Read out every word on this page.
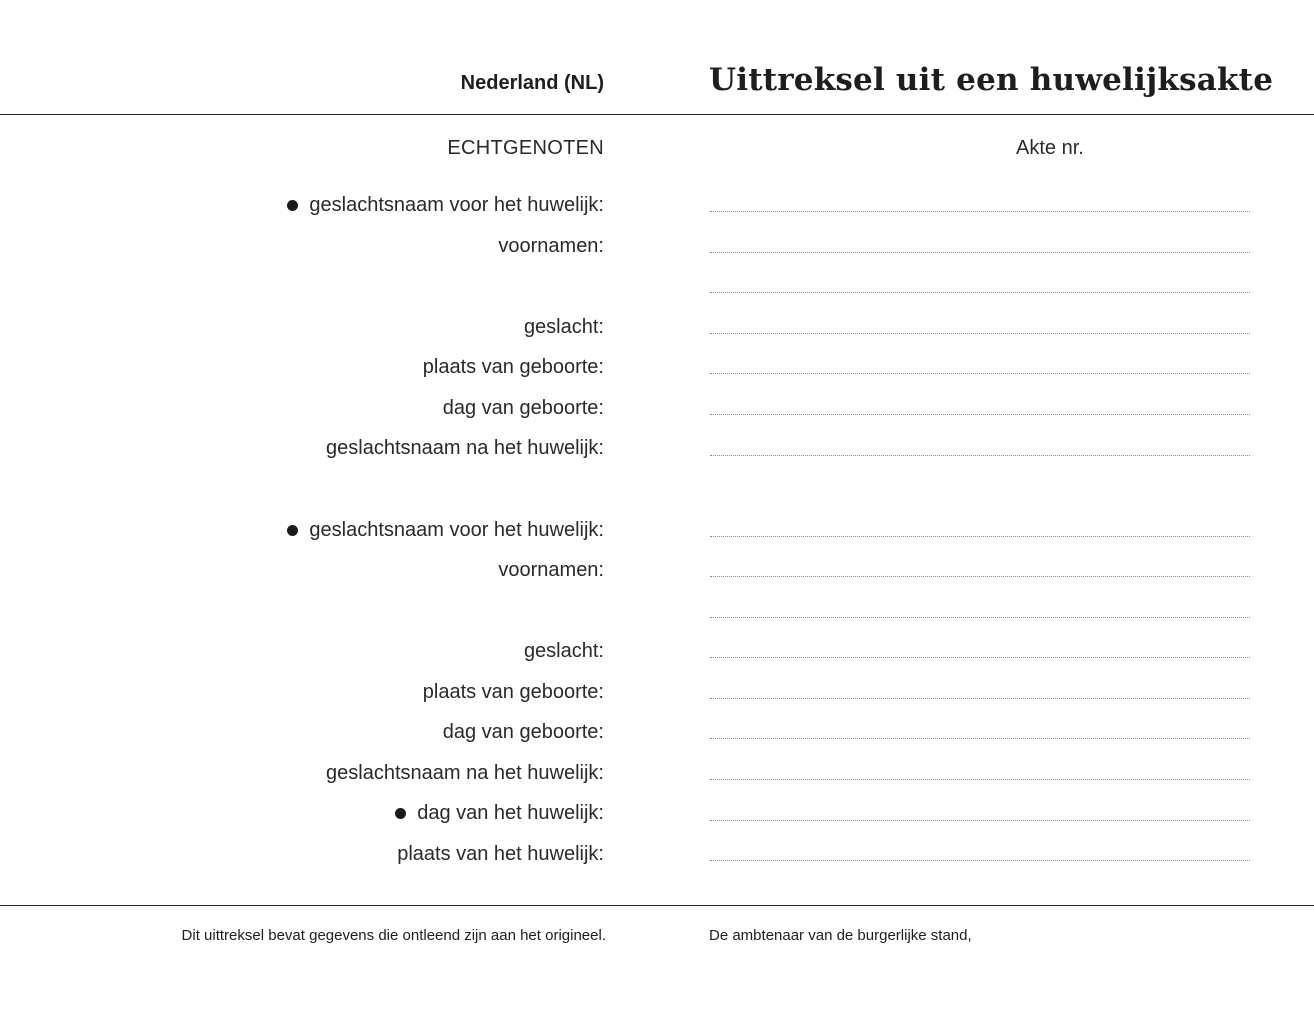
Nederland (NL)	Uittreksel uit een huwelijksakte
ECHTGENOTEN	Akte nr.
geslachtsnaam voor het huwelijk:
voornamen:
geslacht:
plaats van geboorte:
dag van geboorte:
geslachtsnaam na het huwelijk:
geslachtsnaam voor het huwelijk:
voornamen:
geslacht:
plaats van geboorte:
dag van geboorte:
geslachtsnaam na het huwelijk:
dag van het huwelijk:
plaats van het huwelijk:
Dit uittreksel bevat gegevens die ontleend zijn aan het origineel.	De ambtenaar van de burgerlijke stand,
